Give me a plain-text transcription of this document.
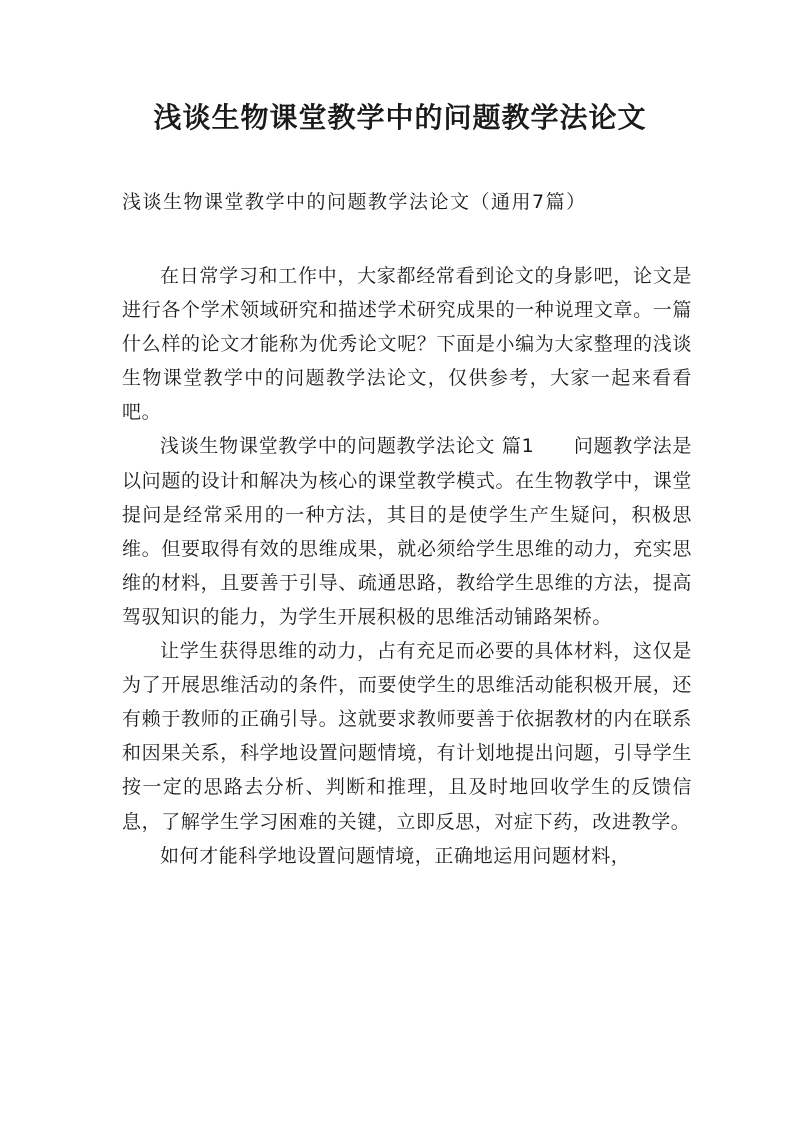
浅谈生物课堂教学中的问题教学法论文
浅谈生物课堂教学中的问题教学法论文（通用7篇）

在日常学习和工作中，大家都经常看到论文的身影吧，论文是进行各个学术领域研究和描述学术研究成果的一种说理文章。一篇什么样的论文才能称为优秀论文呢？下面是小编为大家整理的浅谈生物课堂教学中的问题教学法论文，仅供参考，大家一起来看看吧。

浅谈生物课堂教学中的问题教学法论文 篇1　　问题教学法是以问题的设计和解决为核心的课堂教学模式。在生物教学中，课堂提问是经常采用的一种方法，其目的是使学生产生疑问，积极思维。但要取得有效的思维成果，就必须给学生思维的动力，充实思维的材料，且要善于引导、疏通思路，教给学生思维的方法，提高驾驭知识的能力，为学生开展积极的思维活动铺路架桥。

让学生获得思维的动力，占有充足而必要的具体材料，这仅是为了开展思维活动的条件，而要使学生的思维活动能积极开展，还有赖于教师的正确引导。这就要求教师要善于依据教材的内在联系和因果关系，科学地设置问题情境，有计划地提出问题，引导学生按一定的思路去分析、判断和推理，且及时地回收学生的反馈信息，了解学生学习困难的关键，立即反思，对症下药，改进教学。

如何才能科学地设置问题情境，正确地运用问题材料，
